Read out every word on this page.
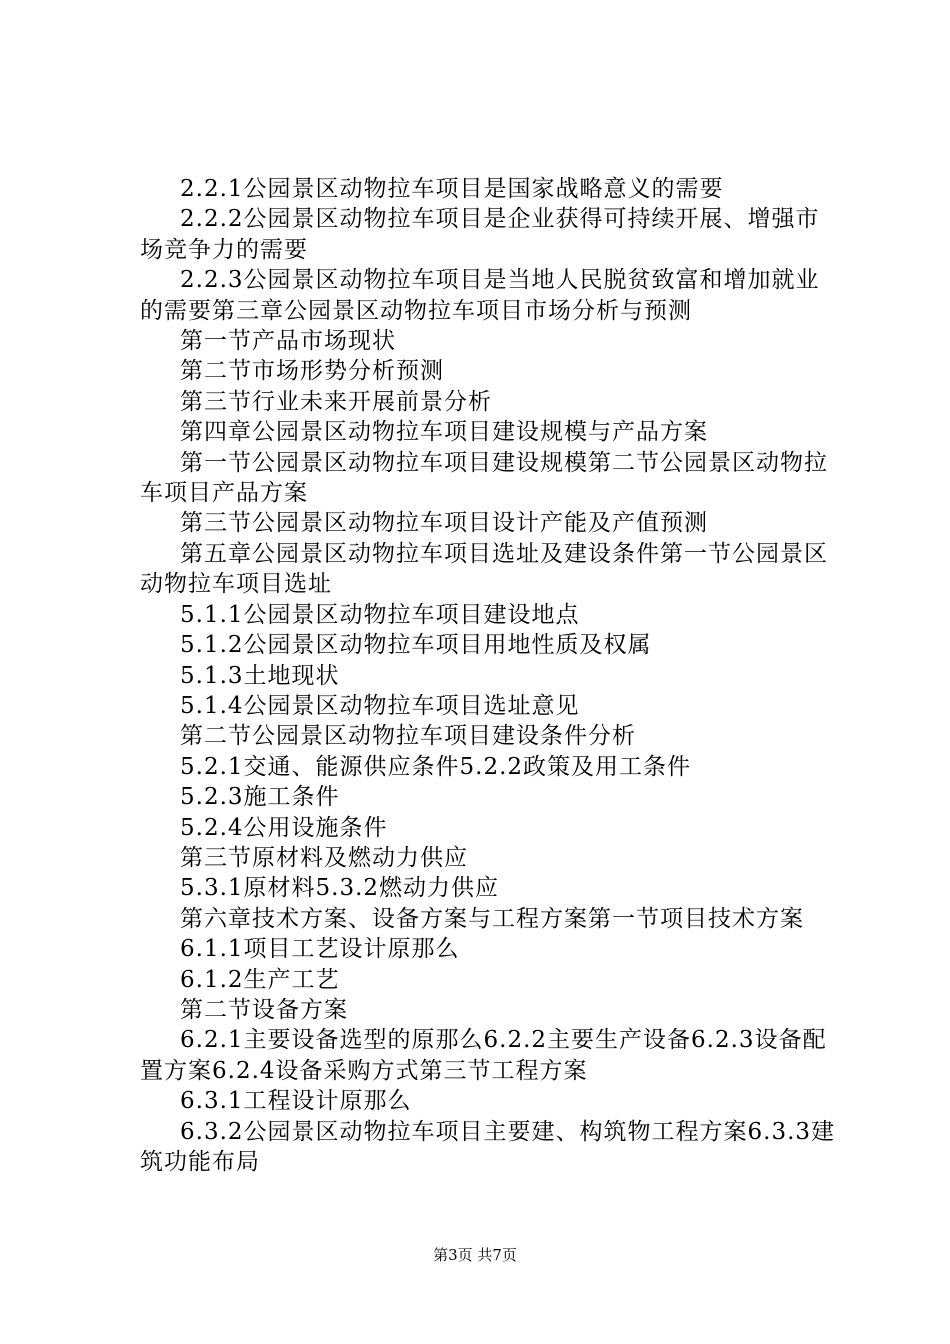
2.2.1公园景区动物拉车项目是国家战略意义的需要

2.2.2公园景区动物拉车项目是企业获得可持续开展、增强市场竞争力的需要

2.2.3公园景区动物拉车项目是当地人民脱贫致富和增加就业的需要第三章公园景区动物拉车项目市场分析与预测

第一节产品市场现状

第二节市场形势分析预测

第三节行业未来开展前景分析

第四章公园景区动物拉车项目建设规模与产品方案

第一节公园景区动物拉车项目建设规模第二节公园景区动物拉车项目产品方案

第三节公园景区动物拉车项目设计产能及产值预测

第五章公园景区动物拉车项目选址及建设条件第一节公园景区动物拉车项目选址

5.1.1公园景区动物拉车项目建设地点

5.1.2公园景区动物拉车项目用地性质及权属

5.1.3土地现状

5.1.4公园景区动物拉车项目选址意见

第二节公园景区动物拉车项目建设条件分析

5.2.1交通、能源供应条件5.2.2政策及用工条件

5.2.3施工条件

5.2.4公用设施条件

第三节原材料及燃动力供应

5.3.1原材料5.3.2燃动力供应

第六章技术方案、设备方案与工程方案第一节项目技术方案

6.1.1项目工艺设计原那么

6.1.2生产工艺

第二节设备方案

6.2.1主要设备选型的原那么6.2.2主要生产设备6.2.3设备配置方案6.2.4设备采购方式第三节工程方案

6.3.1工程设计原那么

6.3.2公园景区动物拉车项目主要建、构筑物工程方案6.3.3建筑功能布局

第3页 共7页
